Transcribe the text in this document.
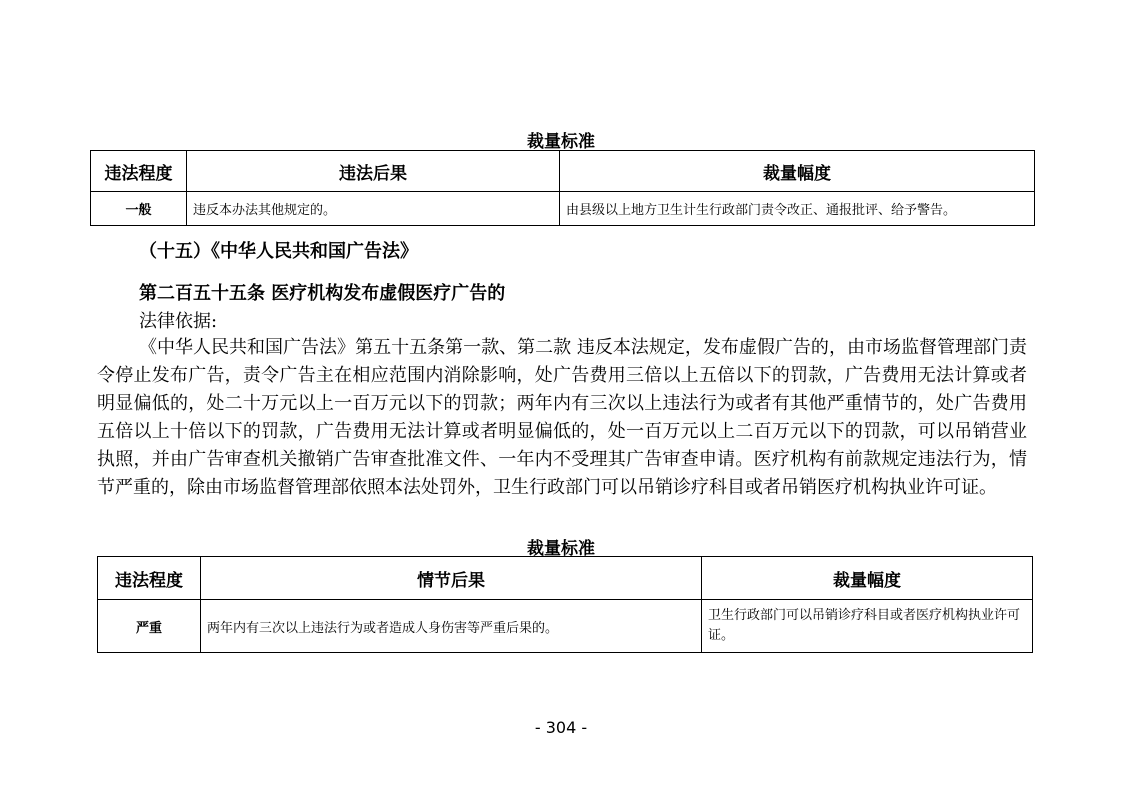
裁量标准
违法程度	违法后果	裁量幅度
一般	违反本办法其他规定的。	由县级以上地方卫生计生行政部门责令改正、通报批评、给予警告。
（十五）《中华人民共和国广告法》
第二百五十五条 医疗机构发布虚假医疗广告的
法律依据:
《中华人民共和国广告法》第五十五条第一款、第二款 违反本法规定，发布虚假广告的，由市场监督管理部门责令停止发布广告，责令广告主在相应范围内消除影响，处广告费用三倍以上五倍以下的罚款，广告费用无法计算或者明显偏低的，处二十万元以上一百万元以下的罚款；两年内有三次以上违法行为或者有其他严重情节的，处广告费用五倍以上十倍以下的罚款，广告费用无法计算或者明显偏低的，处一百万元以上二百万元以下的罚款，可以吊销营业执照，并由广告审查机关撤销广告审查批准文件、一年内不受理其广告审查申请。医疗机构有前款规定违法行为，情节严重的，除由市场监督管理部依照本法处罚外，卫生行政部门可以吊销诊疗科目或者吊销医疗机构执业许可证。
裁量标准
违法程度	情节后果	裁量幅度
严重	两年内有三次以上违法行为或者造成人身伤害等严重后果的。	卫生行政部门可以吊销诊疗科目或者医疗机构执业许可证。
- 304 -
